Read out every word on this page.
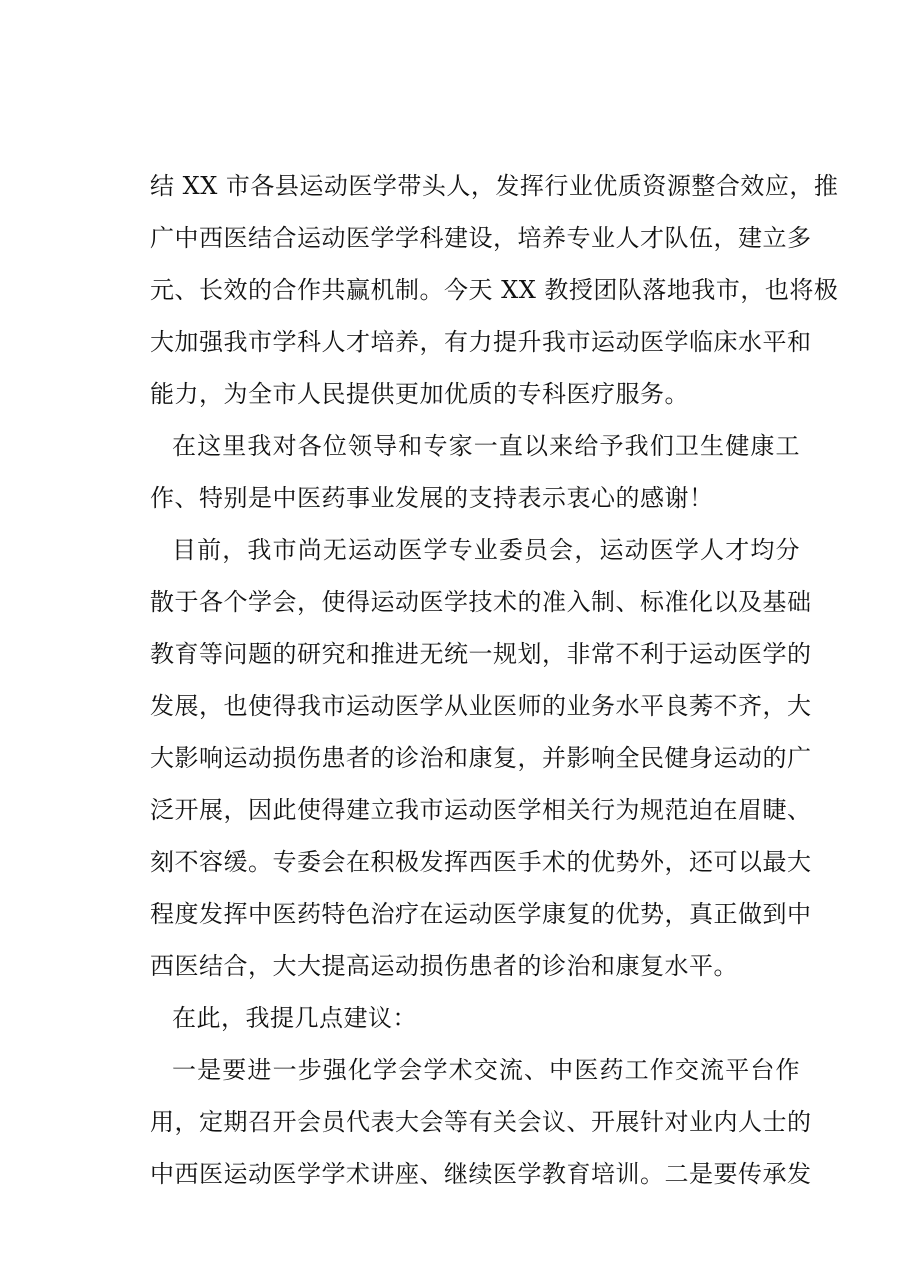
结 XX 市各县运动医学带头人，发挥行业优质资源整合效应，推
广中西医结合运动医学学科建设，培养专业人才队伍，建立多
元、长效的合作共赢机制。今天 XX 教授团队落地我市，也将极
大加强我市学科人才培养，有力提升我市运动医学临床水平和
能力，为全市人民提供更加优质的专科医疗服务。
在这里我对各位领导和专家一直以来给予我们卫生健康工
作、特别是中医药事业发展的支持表示衷心的感谢！
目前，我市尚无运动医学专业委员会，运动医学人才均分
散于各个学会，使得运动医学技术的准入制、标准化以及基础
教育等问题的研究和推进无统一规划，非常不利于运动医学的
发展，也使得我市运动医学从业医师的业务水平良莠不齐，大
大影响运动损伤患者的诊治和康复，并影响全民健身运动的广
泛开展，因此使得建立我市运动医学相关行为规范迫在眉睫、
刻不容缓。专委会在积极发挥西医手术的优势外，还可以最大
程度发挥中医药特色治疗在运动医学康复的优势，真正做到中
西医结合，大大提高运动损伤患者的诊治和康复水平。
在此，我提几点建议：
一是要进一步强化学会学术交流、中医药工作交流平台作
用，定期召开会员代表大会等有关会议、开展针对业内人士的
中西医运动医学学术讲座、继续医学教育培训。二是要传承发
